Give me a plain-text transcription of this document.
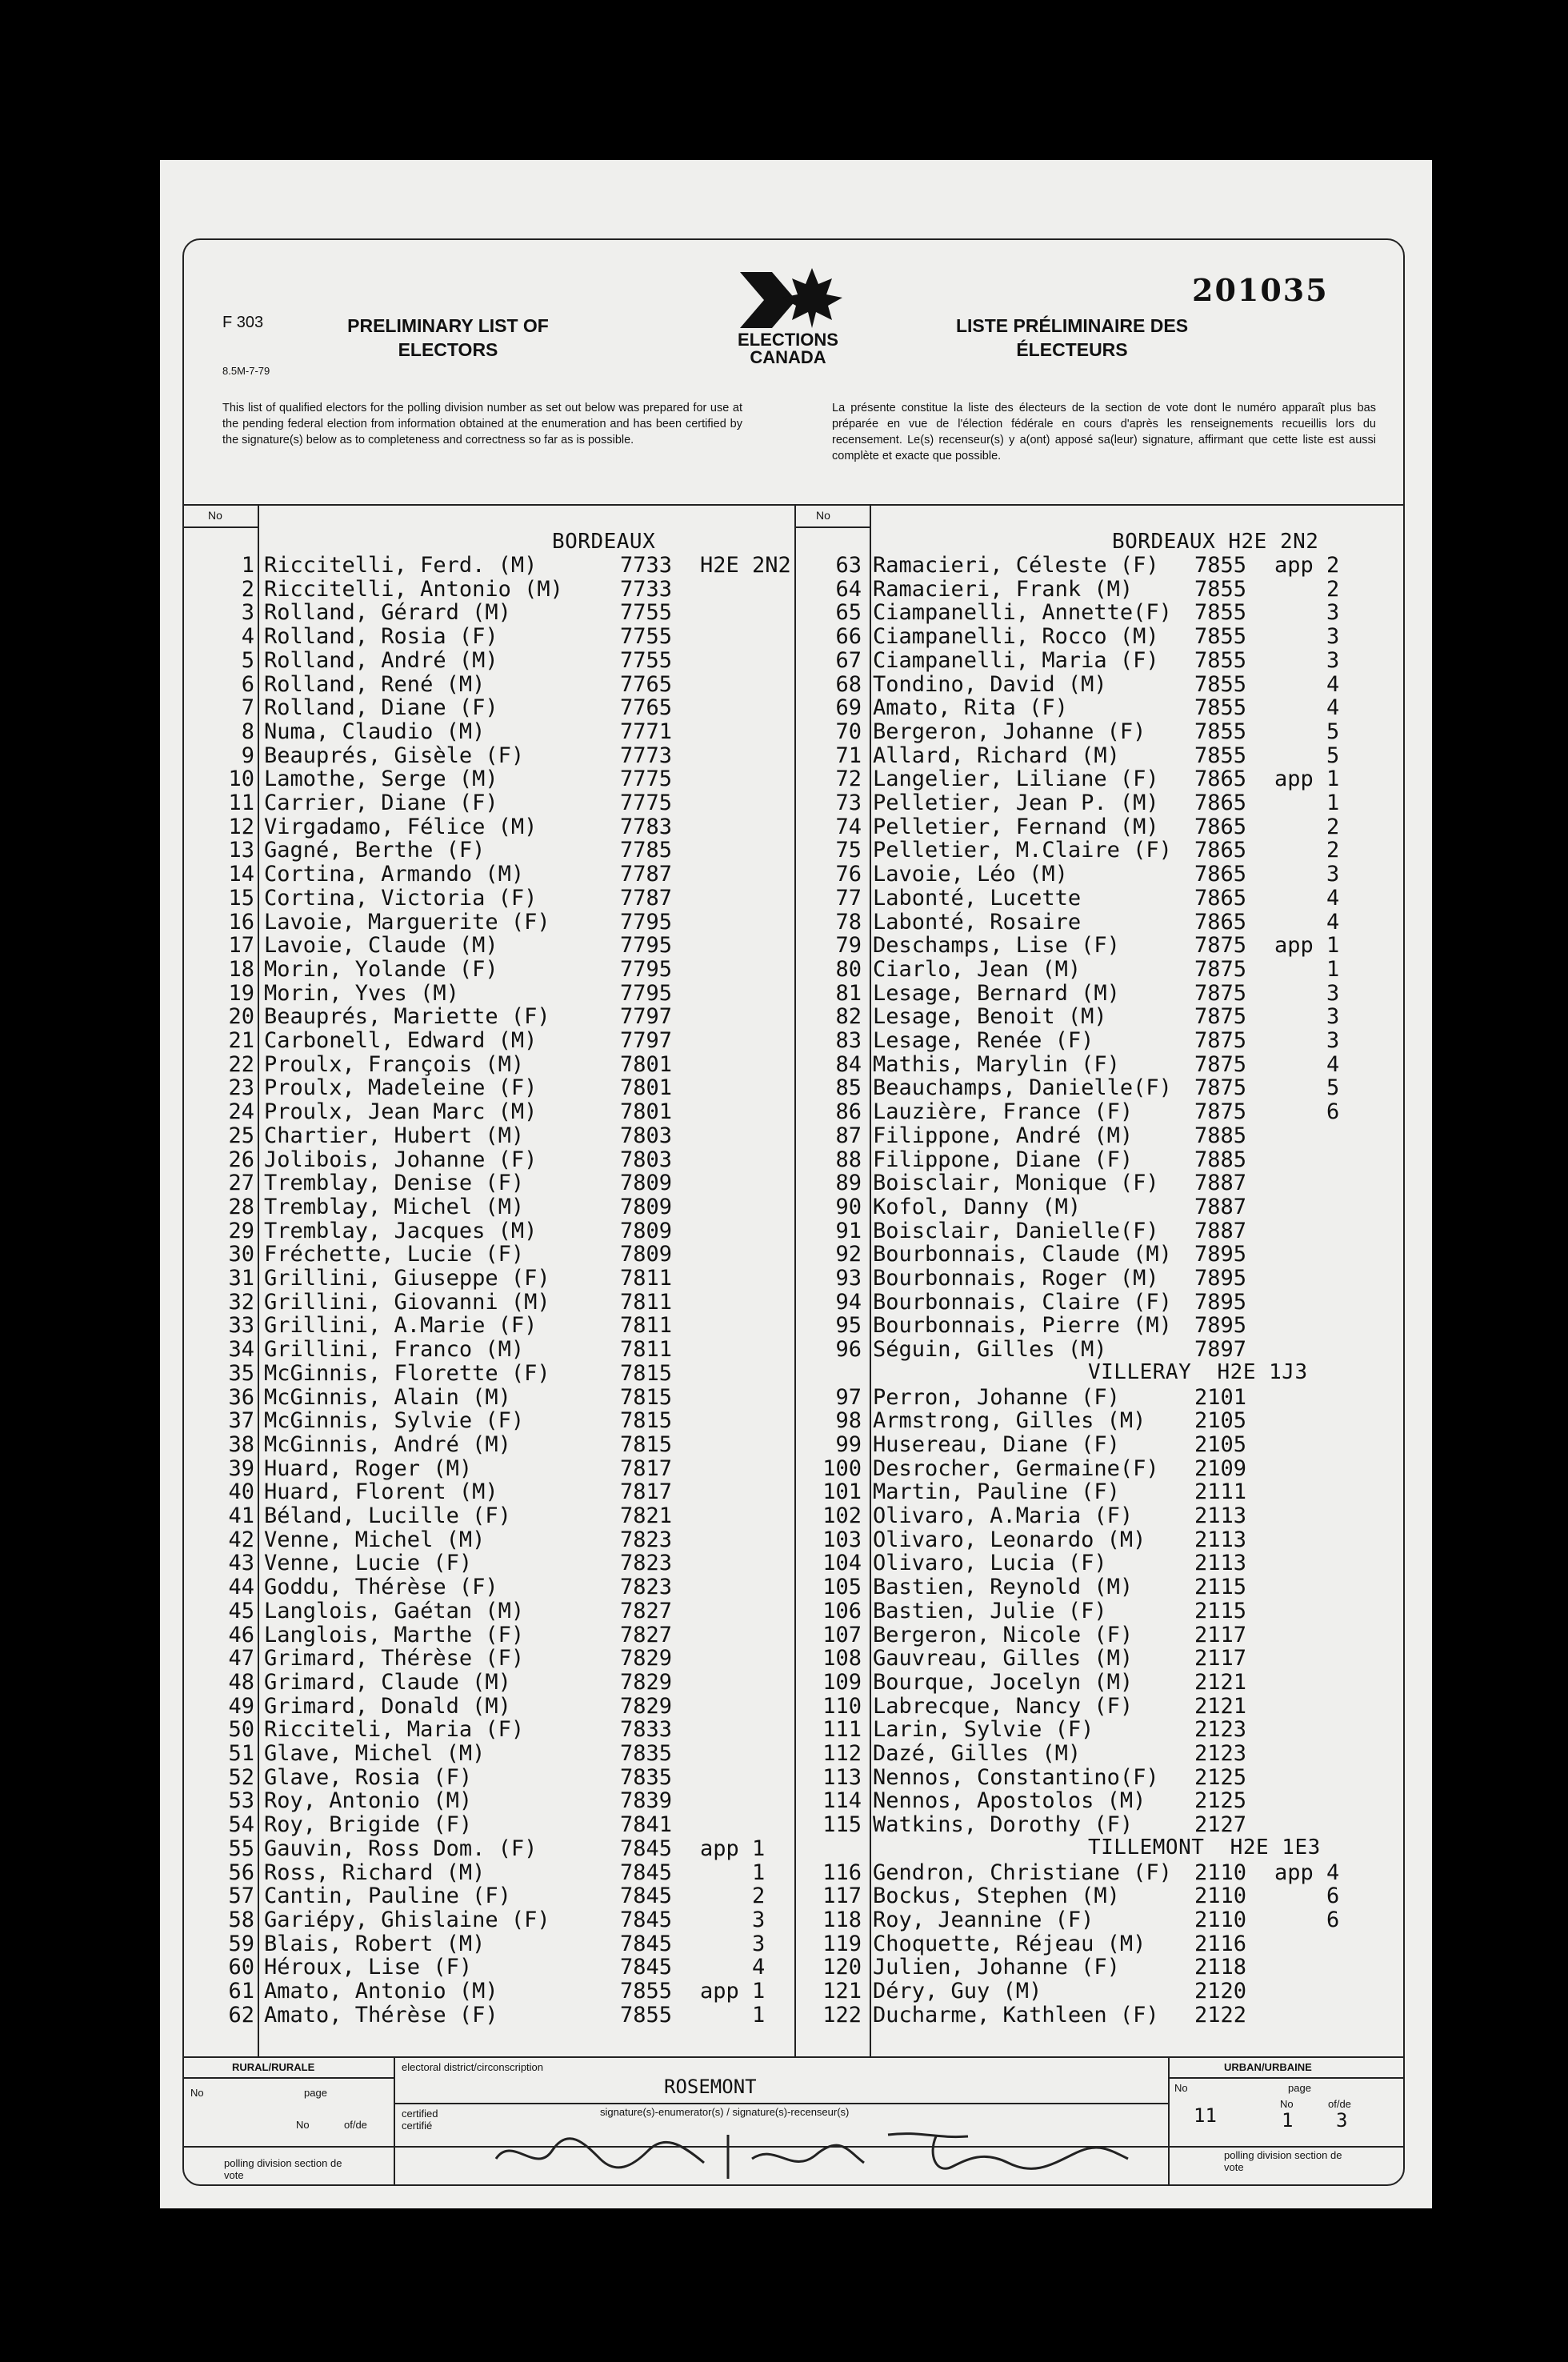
F 303
8.5M-7-79
PRELIMINARY LIST OF ELECTORS	ELECTIONS CANADA
LISTE PRÉLIMINAIRE DES ÉLECTEURS
201035
This list of qualified electors for the polling division number as set out below was prepared for use at the pending federal election from information obtained at the enumeration and has been certified by the signature(s) below as to completeness and correctness so far as is possible.
La présente constitue la liste des électeurs de la section de vote dont le numéro apparaît plus bas préparée en vue de l'élection fédérale en cours d'après les renseignements recueillis lors du recensement. Le(s) recenseur(s) y a(ont) apposé sa(leur) signature, affirmant que cette liste est aussi complète et exacte que possible.
No	No
BORDEAUX
1 Riccitelli, Ferd. (M)	7733 H2E 2N2
2 Riccitelli, Antonio (M)	7733
3 Rolland, Gérard (M)	7755
4 Rolland, Rosia (F)	7755
5 Rolland, André (M)	7755
6 Rolland, René (M)	7765
7 Rolland, Diane (F)	7765
8 Numa, Claudio (M)	7771
9 Beauprés, Gisèle (F)	7773
10 Lamothe, Serge (M)	7775
11 Carrier, Diane (F)	7775
12 Virgadamo, Félice (M)	7783
13 Gagné, Berthe (F)	7785
14 Cortina, Armando (M)	7787
15 Cortina, Victoria (F)	7787
16 Lavoie, Marguerite (F)	7795
17 Lavoie, Claude (M)	7795
18 Morin, Yolande (F)	7795
19 Morin, Yves (M)	7795
20 Beauprés, Mariette (F)	7797
21 Carbonell, Edward (M)	7797
22 Proulx, François (M)	7801
23 Proulx, Madeleine (F)	7801
24 Proulx, Jean Marc (M)	7801
25 Chartier, Hubert (M)	7803
26 Jolibois, Johanne (F)	7803
27 Tremblay, Denise (F)	7809
28 Tremblay, Michel (M)	7809
29 Tremblay, Jacques (M)	7809
30 Fréchette, Lucie (F)	7809
31 Grillini, Giuseppe (F)	7811
32 Grillini, Giovanni (M)	7811
33 Grillini, A.Marie (F)	7811
34 Grillini, Franco (M)	7811
35 McGinnis, Florette (F)	7815
36 McGinnis, Alain (M)	7815
37 McGinnis, Sylvie (F)	7815
38 McGinnis, André (M)	7815
39 Huard, Roger (M)	7817
40 Huard, Florent (M)	7817
41 Béland, Lucille (F)	7821
42 Venne, Michel (M)	7823
43 Venne, Lucie (F)	7823
44 Goddu, Thérèse (F)	7823
45 Langlois, Gaétan (M)	7827
46 Langlois, Marthe (F)	7827
47 Grimard, Thérèse (F)	7829
48 Grimard, Claude (M)	7829
49 Grimard, Donald (M)	7829
50 Ricciteli, Maria (F)	7833
51 Glave, Michel (M)	7835
52 Glave, Rosia (F)	7835
53 Roy, Antonio (M)	7839
54 Roy, Brigide (F)	7841
55 Gauvin, Ross Dom. (F)	7845 app 1
56 Ross, Richard (M)	7845 1
57 Cantin, Pauline (F)	7845 2
58 Gariépy, Ghislaine (F)	7845 3
59 Blais, Robert (M)	7845 3
60 Héroux, Lise (F)	7845 4
61 Amato, Antonio (M)	7855 app 1
62 Amato, Thérèse (F)	7855 1
BORDEAUX H2E 2N2
63 Ramacieri, Céleste (F) 7855 app 2
64 Ramacieri, Frank (M)	7855 2
65 Ciampanelli, Annette(F) 7855 3
66 Ciampanelli, Rocco (M) 7855 3
67 Ciampanelli, Maria (F) 7855 3
68 Tondino, David (M)	7855 4
69 Amato, Rita (F)	7855 4
70 Bergeron, Johanne (F) 7855 5
71 Allard, Richard (M)	7855 5
72 Langelier, Liliane (F) 7865 app 1
73 Pelletier, Jean P. (M) 7865 1
74 Pelletier, Fernand (M) 7865 2
75 Pelletier, M.Claire (F) 7865 2
76 Lavoie, Léo (M)	7865 3
77 Labonté, Lucette	7865 4
78 Labonté, Rosaire	7865 4
79 Deschamps, Lise (F)	7875 app 1
80 Ciarlo, Jean (M)	7875 1
81 Lesage, Bernard (M)	7875 3
82 Lesage, Benoit (M)	7875 3
83 Lesage, Renée (F)	7875 3
84 Mathis, Marylin (F)	7875 4
85 Beauchamps, Danielle(F) 7875 5
86 Lauzière, France (F)	7875 6
87 Filippone, André (M)	7885
88 Filippone, Diane (F)	7885
89 Boisclair, Monique (F) 7887
90 Kofol, Danny (M)	7887
91 Boisclair, Danielle(F) 7887
92 Bourbonnais, Claude (M) 7895
93 Bourbonnais, Roger (M) 7895
94 Bourbonnais, Claire (F) 7895
95 Bourbonnais, Pierre (M) 7895
96 Séguin, Gilles (M)	7897
VILLERAY  H2E 1J3
97 Perron, Johanne (F)	2101
98 Armstrong, Gilles (M) 2105
99 Husereau, Diane (F)	2105
100 Desrocher, Germaine(F) 2109
101 Martin, Pauline (F)	2111
102 Olivaro, A.Maria (F)	2113
103 Olivaro, Leonardo (M) 2113
104 Olivaro, Lucia (F)	2113
105 Bastien, Reynold (M)	2115
106 Bastien, Julie (F)	2115
107 Bergeron, Nicole (F)	2117
108 Gauvreau, Gilles (M)	2117
109 Bourque, Jocelyn (M)	2121
110 Labrecque, Nancy (F)	2121
111 Larin, Sylvie (F)	2123
112 Dazé, Gilles (M)	2123
113 Nennos, Constantino(F) 2125
114 Nennos, Apostolos (M) 2125
115 Watkins, Dorothy (F)	2127
TILLEMONT  H2E 1E3
116 Gendron, Christiane (F) 2110 app 4
117 Bockus, Stephen (M)	2110 6
118 Roy, Jeannine (F)	2110 6
119 Choquette, Réjeau (M) 2116
120 Julien, Johanne (F)	2118
121 Déry, Guy (M)	2120
122 Ducharme, Kathleen (F) 2122
RURAL/RURALE
No	page
No	of/de
polling division section de vote
electoral district/circonscription
ROSEMONT
certified certifié
signature(s)-enumerator(s) / signature(s)-recenseur(s)
URBAN/URBAINE
No	page
11
No
1
of/de
3
polling division section de vote
